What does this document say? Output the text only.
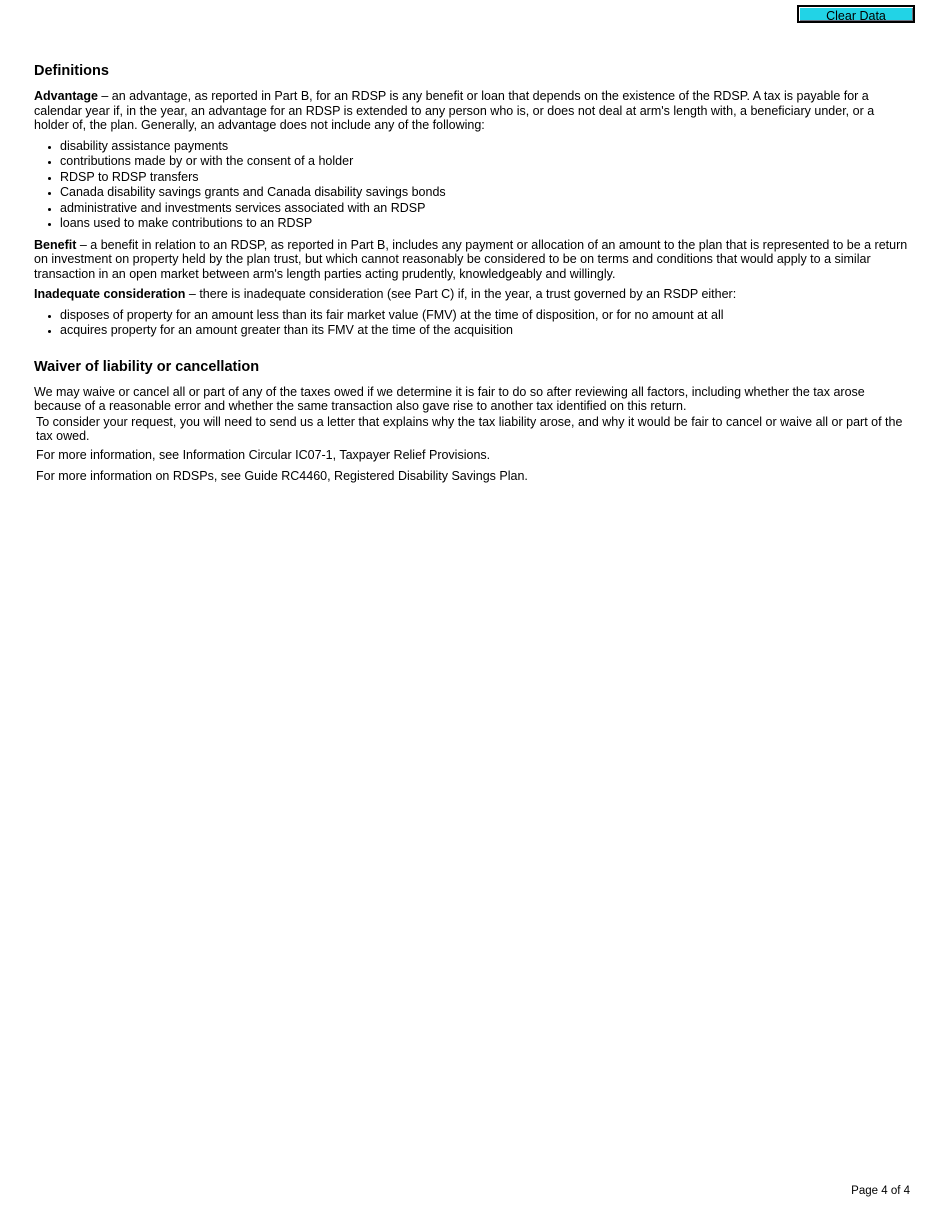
Clear Data
Definitions

Advantage – an advantage, as reported in Part B, for an RDSP is any benefit or loan that depends on the existence of the RDSP. A tax is payable for a calendar year if, in the year, an advantage for an RDSP is extended to any person who is, or does not deal at arm's length with, a beneficiary under, or a holder of, the plan. Generally, an advantage does not include any of the following:

• disability assistance payments
• contributions made by or with the consent of a holder
• RDSP to RDSP transfers
• Canada disability savings grants and Canada disability savings bonds
• administrative and investments services associated with an RDSP
• loans used to make contributions to an RDSP

Benefit – a benefit in relation to an RDSP, as reported in Part B, includes any payment or allocation of an amount to the plan that is represented to be a return on investment on property held by the plan trust, but which cannot reasonably be considered to be on terms and conditions that would apply to a similar transaction in an open market between arm's length parties acting prudently, knowledgeably and willingly.

Inadequate consideration – there is inadequate consideration (see Part C) if, in the year, a trust governed by an RSDP either:

• disposes of property for an amount less than its fair market value (FMV) at the time of disposition, or for no amount at all
• acquires property for an amount greater than its FMV at the time of the acquisition
Waiver of liability or cancellation

We may waive or cancel all or part of any of the taxes owed if we determine it is fair to do so after reviewing all factors, including whether the tax arose because of a reasonable error and whether the same transaction also gave rise to another tax identified on this return.

To consider your request, you will need to send us a letter that explains why the tax liability arose, and why it would be fair to cancel or waive all or part of the tax owed.

For more information, see Information Circular IC07-1, Taxpayer Relief Provisions.

For more information on RDSPs, see Guide RC4460, Registered Disability Savings Plan.

Page 4 of 4
